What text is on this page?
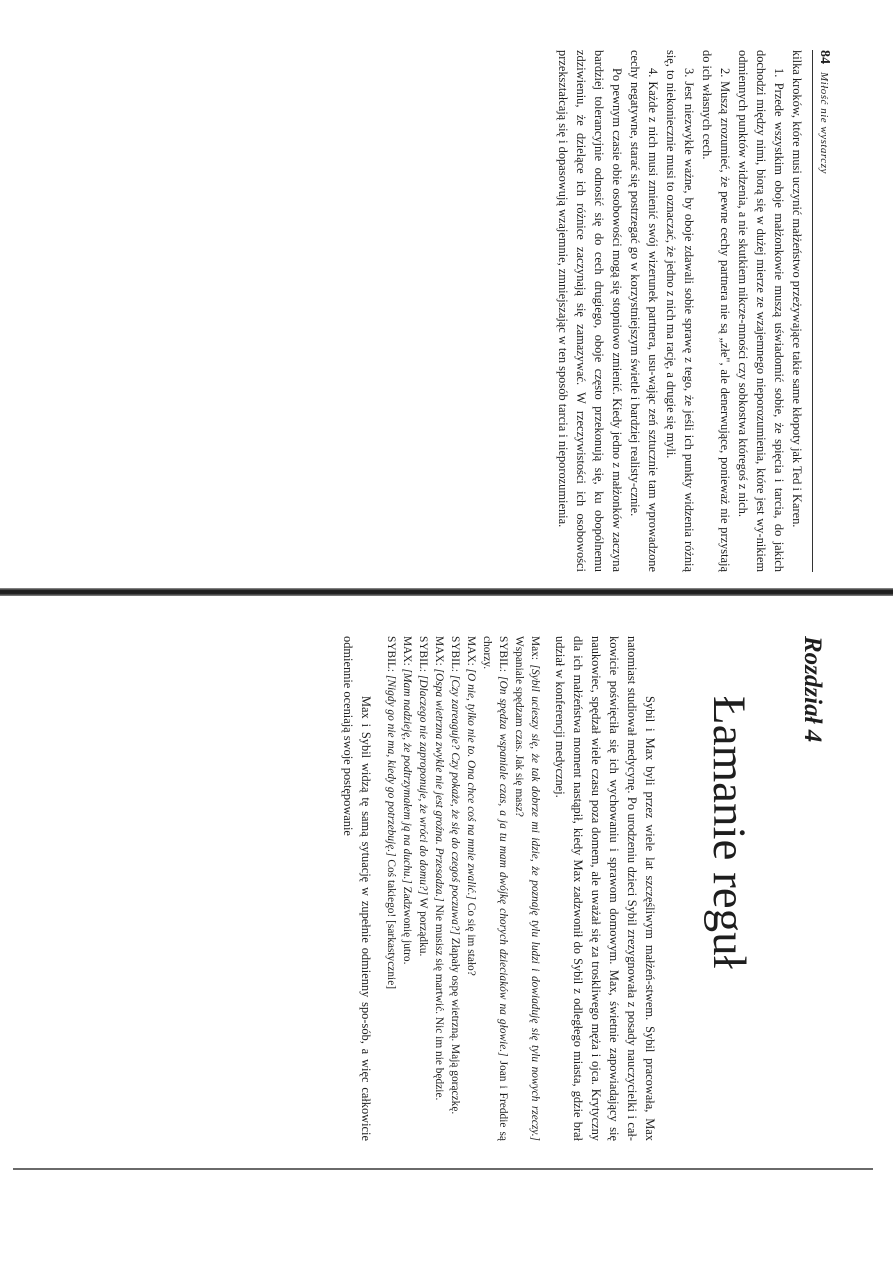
84
Miłość nie wystarczy

kilka kroków, które musi uczynić małżeństwo przeżywające takie same kłopoty jak Ted i Karen.

1. Przede wszystkim oboje małżonkowie muszą uświadomić sobie, że spięcia i tarcia, do jakich dochodzi między nimi, biorą się w dużej mierze ze wzajemnego nieporozumienia, które jest wy-nikiem odmiennych punktów widzenia, a nie skutkiem nikcze-mności czy sobkostwa któregoś z nich.

2. Muszą zrozumieć, że pewne cechy partnera nie są „złe", ale denerwujące, ponieważ nie przystają do ich własnych cech.

3. Jest niezwykle ważne, by oboje zdawali sobie sprawę z tego, że jeśli ich punkty widzenia różnią się, to niekoniecznie musi to oznaczać, że jedno z nich ma rację, a drugie się myli.

4. Każde z nich musi zmienić swój wizerunek partnera, usu-wając zeń sztucznie tam wprowadzone cechy negatywne, starać się postrzegać go w korzystniejszym świetle i bardziej realisty-cznie.

Po pewnym czasie obie osobowości mogą się stopniowo zmienić. Kiedy jedno z małżonków zaczyna bardziej tolerancyjnie odnosić się do cech drugiego, oboje często przekonują się, ku obopólnemu zdziwieniu, że dzielące ich różnice zaczynają się zamazywać. W rzeczywistości ich osobowości przekształcają się i dopasowują wzajemnie, zmniejszając w ten sposób tarcia i nieporozumienia.

Rozdział 4
Łamanie reguł

Sybil i Max byli przez wiele lat szczęśliwym małżeń-stwem. Sybil pracowała, Max natomiast studiował medycynę. Po urodzeniu dzieci Sybil zrezygnowała z posady nauczycielki i cał-kowicie poświęciła się ich wychowaniu i sprawom domowym. Max, świetnie zapowiadający się naukowiec, spędzał wiele czasu poza domem, ale uważał się za troskliwego męża i ojca. Krytyczny dla ich małżeństwa moment nastąpił, kiedy Max zadzwonił do Sybil z odległego miasta, gdzie brał udział w konferencji medycznej.

Max: [Sybil ucieszy się, że tak dobrze mi idzie, że poznaję tylu ludzi i dowiaduję się tylu nowych rzeczy.] Wspaniale spędzam czas. Jak się masz?

SYBIL: [On spędza wspaniale czas, a ja tu mam dwójkę chorych dzieciaków na głowie.] Joan i Freddie są chorzy.

MAX: [O nie, tylko nie to. Ona chce coś na mnie zwalić.] Co się im stało?

SYBIL: [Czy zareaguje? Czy pokaże, że się do czegoś poczuwa?] Złapały ospę wietrzną. Mają gorączkę.

MAX: [Ospa wietrzna zwykle nie jest groźna. Przesadza.] Nie musisz się martwić. Nic im nie będzie.

SYBIL: [Dlaczego nie zaproponuje, że wróci do domu?] W porządku.

MAX: [Mam nadzieję, że podtrzymałem ją na duchu.] Zadzwonię jutro.

SYBIL: [Nigdy go nie ma, kiedy go potrzebuję.] Coś takiego! [sarkastycznie]

Max i Sybil widzą tę samą sytuację w zupełnie odmienny spo-sób, a więc całkowicie odmiennie oceniają swoje postępowanie
